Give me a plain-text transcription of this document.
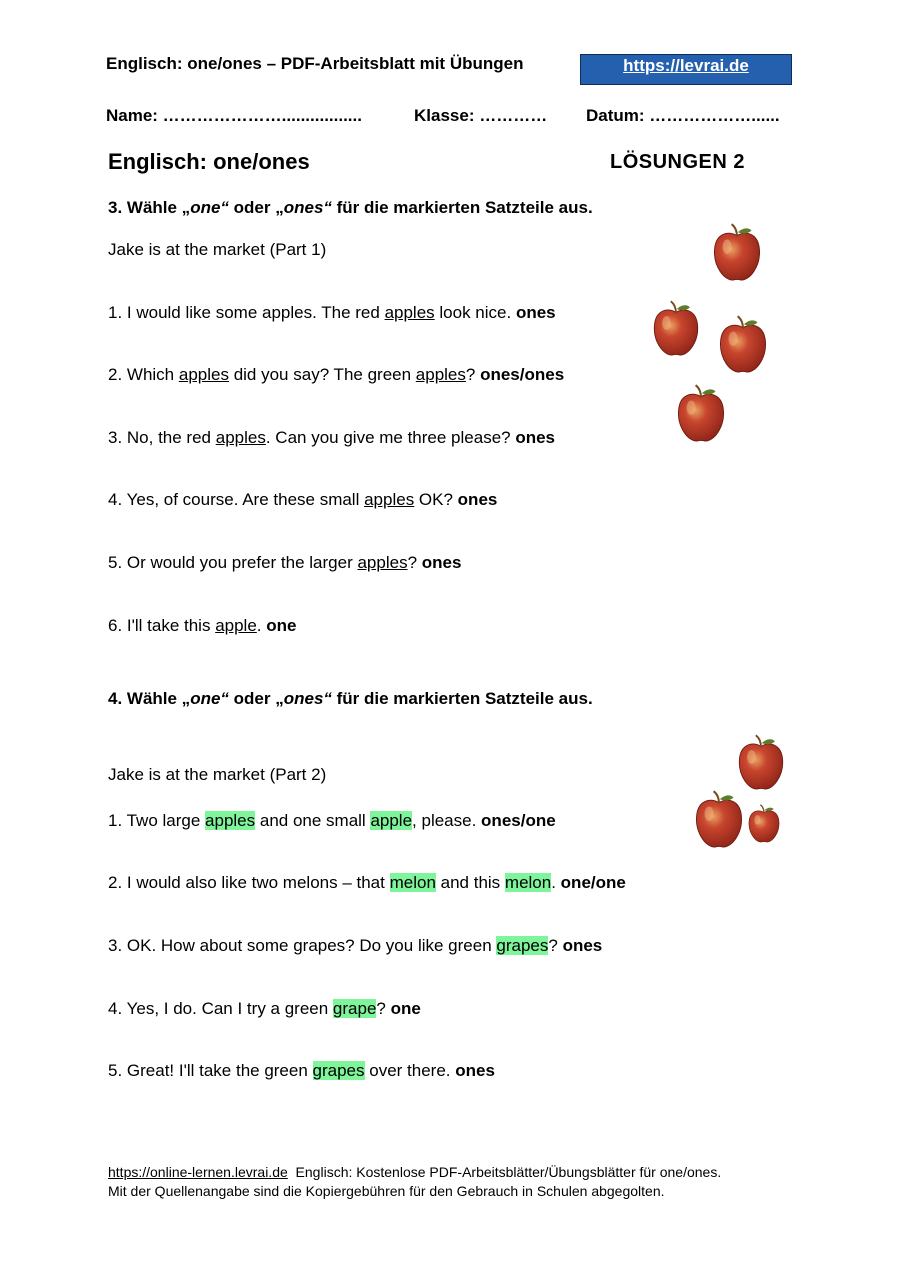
Englisch: one/ones – PDF-Arbeitsblatt mit Übungen	https://levrai.de
Name: ………………….................	Klasse: ………… Datum: ………………......
Englisch: one/ones	LÖSUNGEN 2
3. Wähle „one“ oder „ones“ für die markierten Satzteile aus.
Jake is at the market (Part 1)
1. I would like some apples. The red apples look nice. ones
2. Which apples did you say? The green apples? ones/ones
3. No, the red apples. Can you give me three please? ones
4. Yes, of course. Are these small apples OK? ones
5. Or would you prefer the larger apples? ones
6. I'll take this apple. one
4. Wähle „one“ oder „ones“ für die markierten Satzteile aus.
Jake is at the market (Part 2)
1. Two large apples and one small apple, please. ones/one
2. I would also like two melons – that melon and this melon. one/one
3. OK. How about some grapes? Do you like green grapes? ones
4. Yes, I do. Can I try a green grape? one
5. Great! I'll take the green grapes over there. ones
https://online-lernen.levrai.de  Englisch: Kostenlose PDF-Arbeitsblätter/Übungsblätter für one/ones.
Mit der Quellenangabe sind die Kopiergebühren für den Gebrauch in Schulen abgegolten.
